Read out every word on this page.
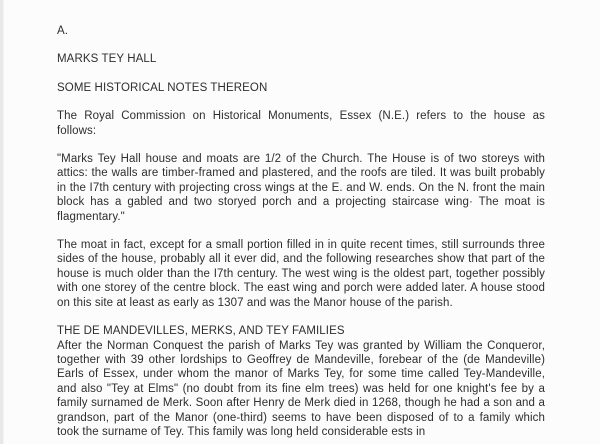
A.
MARKS TEY HALL
SOME HISTORICAL NOTES THEREON
The Royal Commission on Historical Monuments, Essex (N.E.) refers to the house as
follows:
"Marks Tey Hall house and moats are 1/2 of the Church. The House is of two storeys with attics: the walls are timber-framed and plastered, and the roofs are tiled. It was built probably in the I7th century with projecting cross wings at the E. and W. ends. On the N. front the main block has a gabled and two storyed porch and a projecting staircase wing· The moat is flagmentary."
The moat in fact, except for a small portion filled in in quite recent times, still surrounds three sides of the house, probably all it ever did, and the following researches show that part of the house is much older than the I7th century. The west wing is the oldest part, together possibly with one storey of the centre block. The east wing and porch were added later. A house stood on this site at least as early as 1307 and was the Manor house of the parish.
THE DE MANDEVILLES, MERKS, AND TEY FAMILIES
After the Norman Conquest the parish of Marks Tey was granted by William the Conqueror, together with 39 other lordships to Geoffrey de Mandeville, forebear of the (de Mandeville) Earls of Essex, under whom the manor of Marks Tey, for some time called Tey-Mandeville, and also "Tey at Elms" (no doubt from its fine elm trees) was held for one knight's fee by a family surnamed de Merk. Soon after Henry de Merk died in 1268, though he had a son and a grandson, part of the Manor (one-third) seems to have been disposed of to a family which took the surname of Tey. This family was long held considerable ests in
